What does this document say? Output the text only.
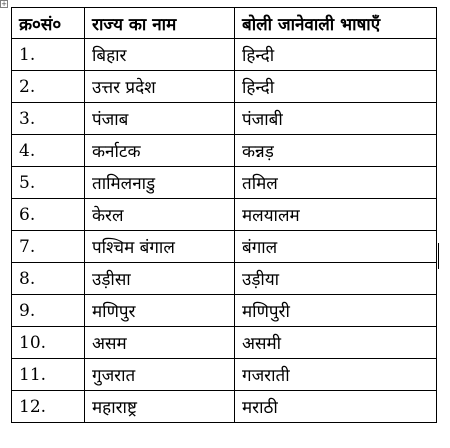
+
क्र०सं०	राज्य का नाम	बोली जानेवाली भाषाएँ
1.	बिहार	हिन्दी
2.	उत्तर प्रदेश	हिन्दी
3.	पंजाब	पंजाबी
4.	कर्नाटक	कन्नड़
5.	तामिलनाडु	तमिल
6.	केरल	मलयालम
7.	पश्चिम बंगाल	बंगाल
8.	उड़ीसा	उड़ीया
9.	मणिपुर	मणिपुरी
10.	असम	असमी
11.	गुजरात	गजराती
12.	महाराष्ट्र	मराठी
